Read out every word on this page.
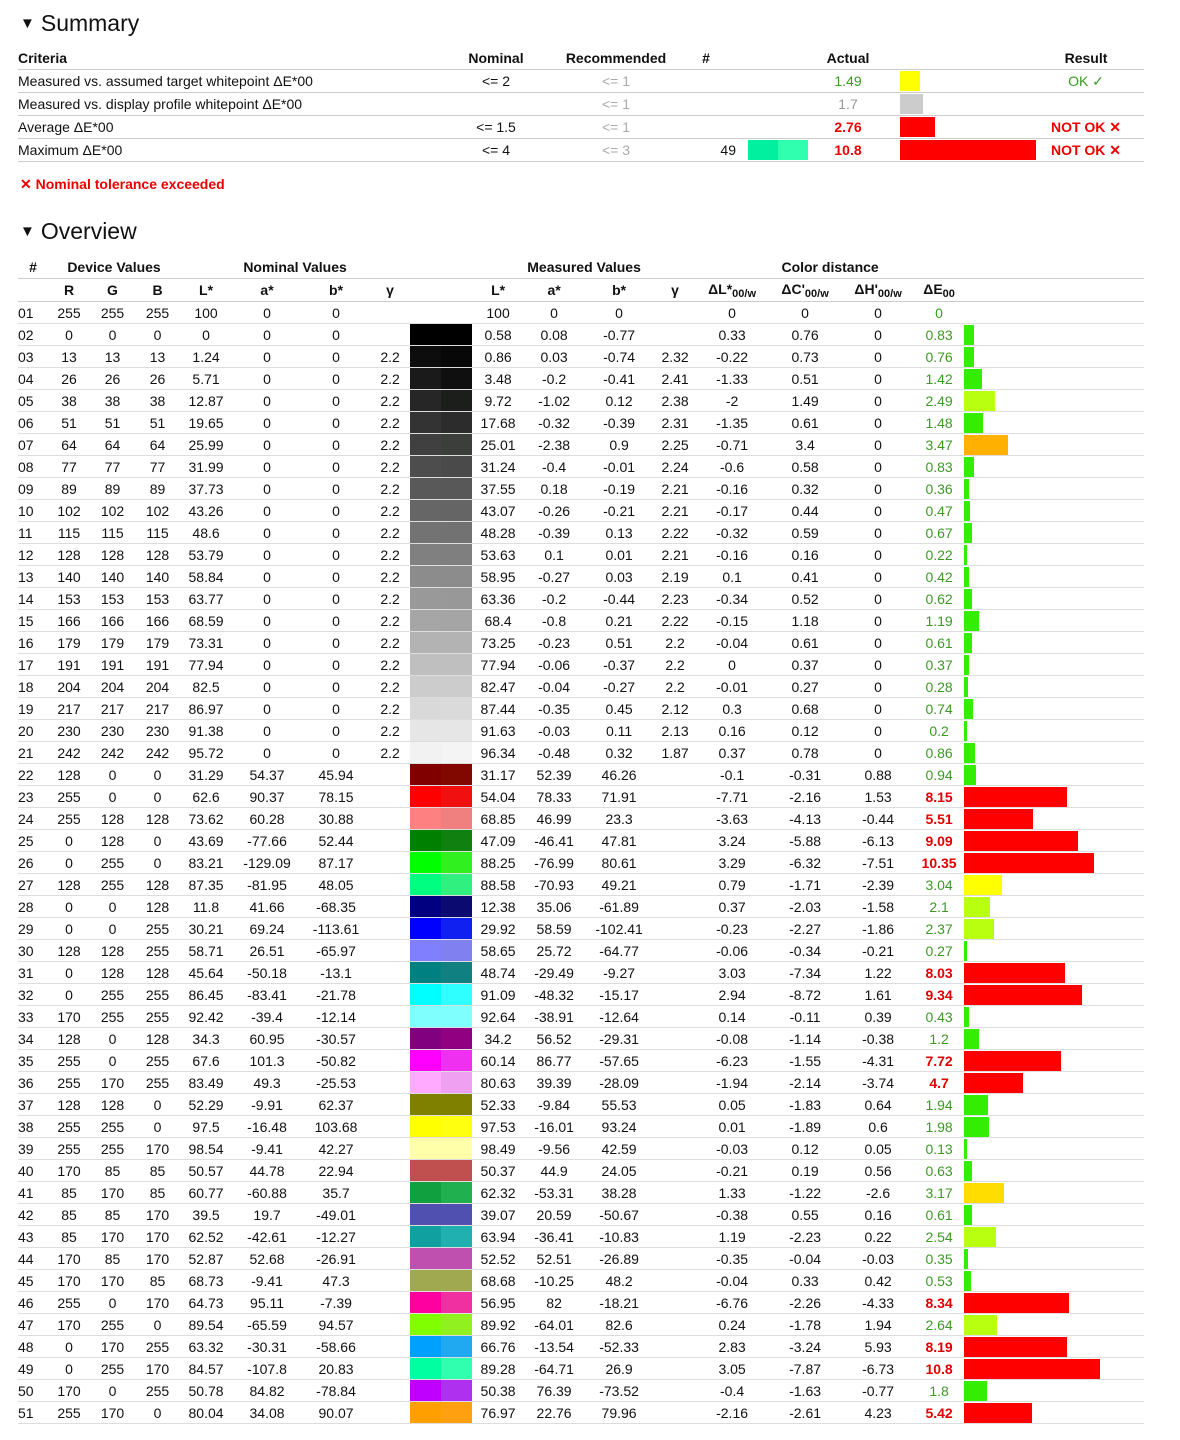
▼ Summary
Criteria	Nominal	Recommended	#		Actual		Result
Measured vs. assumed target whitepoint ΔE*00	<= 2	<= 1			1.49		OK ✓
Measured vs. display profile whitepoint ΔE*00		<= 1			1.7		
Average ΔE*00	<= 1.5	<= 1			2.76		NOT OK ✕
Maximum ΔE*00	<= 4	<= 3	49		10.8		NOT OK ✕
✕ Nominal tolerance exceeded
▼ Overview
#	Device Values			Nominal Values					Measured Values				Color distance				
	R	G	B	L*	a*	b*	γ		L*	a*	b*	γ	$\Delta L*_{00/w}$	$\Delta C'_{00/w}$	$\Delta H'_{00/w}$	$\Delta E_{00}$	
01	255	255	255	100	0	0			100	0	0		0	0	0	0	
02	0	0	0	0	0	0			0.58	0.08	-0.77		0.33	0.76	0	0.83	

03	13	13	13	1.24	0	0	2.2		0.86	0.03	-0.74	2.32	-0.22	0.73	0	0.76	

04	26	26	26	5.71	0	0	2.2		3.48	-0.2	-0.41	2.41	-1.33	0.51	0	1.42	

05	38	38	38	12.87	0	0	2.2		9.72	-1.02	0.12	2.38	-2	1.49	0	2.49	

06	51	51	51	19.65	0	0	2.2		17.68	-0.32	-0.39	2.31	-1.35	0.61	0	1.48	

07	64	64	64	25.99	0	0	2.2		25.01	-2.38	0.9	2.25	-0.71	3.4	0	3.47	

08	77	77	77	31.99	0	0	2.2		31.24	-0.4	-0.01	2.24	-0.6	0.58	0	0.83	

09	89	89	89	37.73	0	0	2.2		37.55	0.18	-0.19	2.21	-0.16	0.32	0	0.36	

10	102	102	102	43.26	0	0	2.2		43.07	-0.26	-0.21	2.21	-0.17	0.44	0	0.47	

11	115	115	115	48.6	0	0	2.2		48.28	-0.39	0.13	2.22	-0.32	0.59	0	0.67	

12	128	128	128	53.79	0	0	2.2		53.63	0.1	0.01	2.21	-0.16	0.16	0	0.22	

13	140	140	140	58.84	0	0	2.2		58.95	-0.27	0.03	2.19	0.1	0.41	0	0.42	

14	153	153	153	63.77	0	0	2.2		63.36	-0.2	-0.44	2.23	-0.34	0.52	0	0.62	

15	166	166	166	68.59	0	0	2.2		68.4	-0.8	0.21	2.22	-0.15	1.18	0	1.19	

16	179	179	179	73.31	0	0	2.2		73.25	-0.23	0.51	2.2	-0.04	0.61	0	0.61	

17	191	191	191	77.94	0	0	2.2		77.94	-0.06	-0.37	2.2	0	0.37	0	0.37	

18	204	204	204	82.5	0	0	2.2		82.47	-0.04	-0.27	2.2	-0.01	0.27	0	0.28	

19	217	217	217	86.97	0	0	2.2		87.44	-0.35	0.45	2.12	0.3	0.68	0	0.74	

20	230	230	230	91.38	0	0	2.2		91.63	-0.03	0.11	2.13	0.16	0.12	0	0.2	

21	242	242	242	95.72	0	0	2.2		96.34	-0.48	0.32	1.87	0.37	0.78	0	0.86	

22	128	0	0	31.29	54.37	45.94			31.17	52.39	46.26		-0.1	-0.31	0.88	0.94	

23	255	0	0	62.6	90.37	78.15			54.04	78.33	71.91		-7.71	-2.16	1.53	8.15	

24	255	128	128	73.62	60.28	30.88			68.85	46.99	23.3		-3.63	-4.13	-0.44	5.51	

25	0	128	0	43.69	-77.66	52.44			47.09	-46.41	47.81		3.24	-5.88	-6.13	9.09	

26	0	255	0	83.21	-129.09	87.17			88.25	-76.99	80.61		3.29	-6.32	-7.51	10.35	

27	128	255	128	87.35	-81.95	48.05			88.58	-70.93	49.21		0.79	-1.71	-2.39	3.04	

28	0	0	128	11.8	41.66	-68.35			12.38	35.06	-61.89		0.37	-2.03	-1.58	2.1	

29	0	0	255	30.21	69.24	-113.61			29.92	58.59	-102.41		-0.23	-2.27	-1.86	2.37	

30	128	128	255	58.71	26.51	-65.97			58.65	25.72	-64.77		-0.06	-0.34	-0.21	0.27	

31	0	128	128	45.64	-50.18	-13.1			48.74	-29.49	-9.27		3.03	-7.34	1.22	8.03	

32	0	255	255	86.45	-83.41	-21.78			91.09	-48.32	-15.17		2.94	-8.72	1.61	9.34	

33	170	255	255	92.42	-39.4	-12.14			92.64	-38.91	-12.64		0.14	-0.11	0.39	0.43	

34	128	0	128	34.3	60.95	-30.57			34.2	56.52	-29.31		-0.08	-1.14	-0.38	1.2	

35	255	0	255	67.6	101.3	-50.82			60.14	86.77	-57.65		-6.23	-1.55	-4.31	7.72	

36	255	170	255	83.49	49.3	-25.53			80.63	39.39	-28.09		-1.94	-2.14	-3.74	4.7	

37	128	128	0	52.29	-9.91	62.37			52.33	-9.84	55.53		0.05	-1.83	0.64	1.94	

38	255	255	0	97.5	-16.48	103.68			97.53	-16.01	93.24		0.01	-1.89	0.6	1.98	

39	255	255	170	98.54	-9.41	42.27			98.49	-9.56	42.59		-0.03	0.12	0.05	0.13	

40	170	85	85	50.57	44.78	22.94			50.37	44.9	24.05		-0.21	0.19	0.56	0.63	

41	85	170	85	60.77	-60.88	35.7			62.32	-53.31	38.28		1.33	-1.22	-2.6	3.17	

42	85	85	170	39.5	19.7	-49.01			39.07	20.59	-50.67		-0.38	0.55	0.16	0.61	

43	85	170	170	62.52	-42.61	-12.27			63.94	-36.41	-10.83		1.19	-2.23	0.22	2.54	

44	170	85	170	52.87	52.68	-26.91			52.52	52.51	-26.89		-0.35	-0.04	-0.03	0.35	

45	170	170	85	68.73	-9.41	47.3			68.68	-10.25	48.2		-0.04	0.33	0.42	0.53	

46	255	0	170	64.73	95.11	-7.39			56.95	82	-18.21		-6.76	-2.26	-4.33	8.34	

47	170	255	0	89.54	-65.59	94.57			89.92	-64.01	82.6		0.24	-1.78	1.94	2.64	

48	0	170	255	63.32	-30.31	-58.66			66.76	-13.54	-52.33		2.83	-3.24	5.93	8.19	

49	0	255	170	84.57	-107.8	20.83			89.28	-64.71	26.9		3.05	-7.87	-6.73	10.8	

50	170	0	255	50.78	84.82	-78.84			50.38	76.39	-73.52		-0.4	-1.63	-0.77	1.8	

51	255	170	0	80.04	34.08	90.07			76.97	22.76	79.96		-2.16	-2.61	4.23	5.42	
